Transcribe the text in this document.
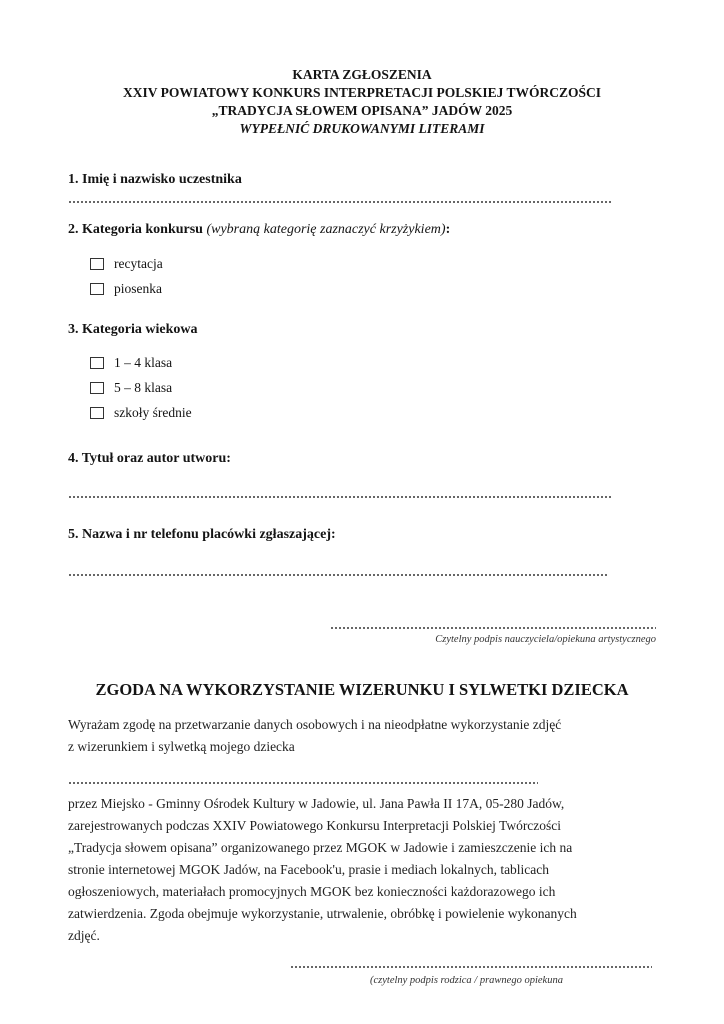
KARTA ZGŁOSZENIA
XXIV POWIATOWY KONKURS INTERPRETACJI POLSKIEJ TWÓRCZOŚCI
„TRADYCJA SŁOWEM OPISANA” JADÓW 2025
WYPEŁNIĆ DRUKOWANYMI LITERAMI
1. Imię i nazwisko uczestnika
2. Kategoria konkursu (wybraną kategorię zaznaczyć krzyżykiem):
recytacja
piosenka
3. Kategoria wiekowa
1 – 4 klasa
5 – 8 klasa
szkoły średnie
4. Tytuł oraz autor utworu:
5. Nazwa i nr telefonu placówki zgłaszającej:
Czytelny podpis nauczyciela/opiekuna artystycznego
ZGODA NA WYKORZYSTANIE WIZERUNKU I SYLWETKI DZIECKA
Wyrażam zgodę na przetwarzanie danych osobowych i na nieodpłatne wykorzystanie zdjęć
z wizerunkiem i sylwetką mojego dziecka
przez Miejsko - Gminny Ośrodek Kultury w Jadowie, ul. Jana Pawła II 17A, 05-280 Jadów,
zarejestrowanych podczas XXIV Powiatowego Konkursu Interpretacji Polskiej Twórczości
„Tradycja słowem opisana” organizowanego przez MGOK w Jadowie i zamieszczenie ich na
stronie internetowej MGOK Jadów, na Facebook'u, prasie i mediach lokalnych, tablicach
ogłoszeniowych, materiałach promocyjnych MGOK bez konieczności każdorazowego ich
zatwierdzenia. Zgoda obejmuje wykorzystanie, utrwalenie, obróbkę i powielenie wykonanych
zdjęć.
(czytelny podpis rodzica / prawnego opiekuna
